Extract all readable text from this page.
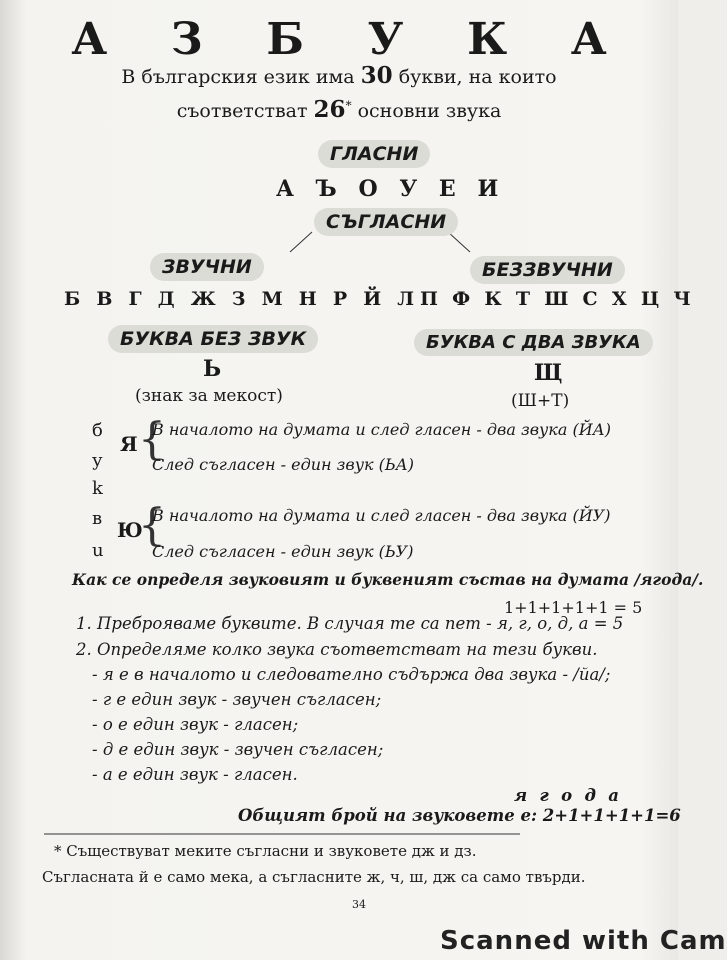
А З Б У К А
В българския език има 30 букви, на които
съответстват 26* основни звука
ГЛАСНИ
А Ъ О У Е И
СЪГЛАСНИ
ЗВУЧНИ	БЕЗЗВУЧНИ
Б В Г Д Ж З М Н Р Й Л П Ф К Т Ш С Х Ц Ч
БУКВА БЕЗ ЗВУК	БУКВА С ДВА ЗВУКА
Ь	Щ
(знак за мекост)	(Ш+Т)
б
у
k
в
u
Я {
В началото на думата и след гласен - два звука (ЙА)
След съгласен - един звук (ЬА)
Ю
{
В началото на думата и след гласен - два звука (ЙУ)
След съгласен - един звук (ЬУ)
Как се определя звуковият и буквеният състав на думата /ягода/.
1+1+1+1+1 = 5
1. Преброяваме буквите. В случая те са пет - я, г, о, д, а = 5
2. Определяме колко звука съответстват на тези букви.
- я е в началото и следователно съдържа два звука - /йа/;
- г е един звук - звучен съгласен;
- о е един звук - гласен;
- д е един звук - звучен съгласен;
- а е един звук - гласен.
я г о д а
Общият брой на звуковете е: 2+1+1+1+1=6
* Съществуват меките съгласни и звуковете дж и дз.
Съгласната й е само мека, а съгласните ж, ч, ш, дж са само твърди.
34
Scanned with Cam
